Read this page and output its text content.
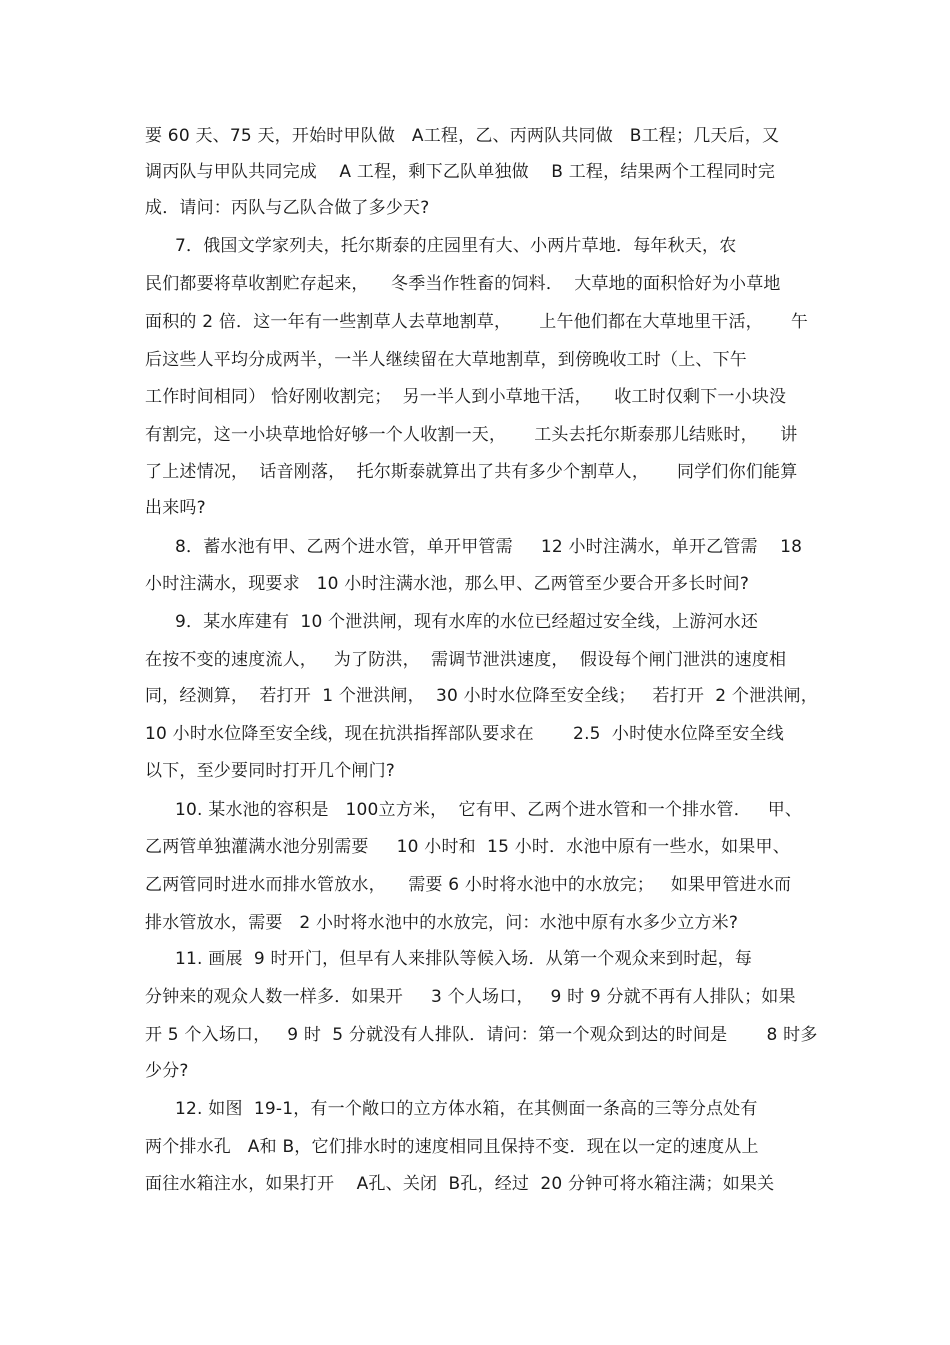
要 60 天、75 天，开始时甲队做   A工程，乙、丙两队共同做   B工程；几天后，又
调丙队与甲队共同完成    A 工程，剩下乙队单独做    B 工程，结果两个工程同时完
成．请问：丙队与乙队合做了多少天?
7．俄国文学家列夫，托尔斯泰的庄园里有大、小两片草地．每年秋天，农
民们都要将草收割贮存起来，    冬季当作牲畜的饲料．  大草地的面积恰好为小草地
面积的 2 倍．这一年有一些割草人去草地割草，     上午他们都在大草地里干活，     午
后这些人平均分成两半，一半人继续留在大草地割草，到傍晚收工时（上、下午
工作时间相同） 恰好刚收割完；  另一半人到小草地干活，    收工时仅剩下一小块没
有割完，这一小块草地恰好够一个人收割一天，     工头去托尔斯泰那儿结账时，    讲
了上述情况，  话音刚落，  托尔斯泰就算出了共有多少个割草人，     同学们你们能算
出来吗?
8．蓄水池有甲、乙两个进水管，单开甲管需     12 小时注满水，单开乙管需    18
小时注满水，现要求   10 小时注满水池，那么甲、乙两管至少要合开多长时间?
9．某水库建有  10 个泄洪闸，现有水库的水位已经超过安全线，上游河水还
在按不变的速度流人，   为了防洪，  需调节泄洪速度，  假设每个闸门泄洪的速度相
同，经测算，  若打开  1 个泄洪闸，  30 小时水位降至安全线；   若打开  2 个泄洪闸，
10 小时水位降至安全线，现在抗洪指挥部队要求在       2.5  小时使水位降至安全线
以下，至少要同时打开几个闸门?
10. 某水池的容积是   100立方米，  它有甲、乙两个进水管和一个排水管．   甲、
乙两管单独灌满水池分别需要     10 小时和  15 小时．水池中原有一些水，如果甲、
乙两管同时进水而排水管放水，    需要 6 小时将水池中的水放完；   如果甲管进水而
排水管放水，需要   2 小时将水池中的水放完，问：水池中原有水多少立方米?
11. 画展  9 时开门，但早有人来排队等候入场．从第一个观众来到时起，每
分钟来的观众人数一样多．如果开     3 个人场口，   9 时 9 分就不再有人排队；如果
开 5 个入场口，   9 时  5 分就没有人排队．请问：第一个观众到达的时间是       8 时多
少分?
12. 如图  19-1，有一个敞口的立方体水箱，在其侧面一条高的三等分点处有
两个排水孔   A和 B，它们排水时的速度相同且保持不变．现在以一定的速度从上
面往水箱注水，如果打开    A孔、关闭  B孔，经过  20 分钟可将水箱注满；如果关
